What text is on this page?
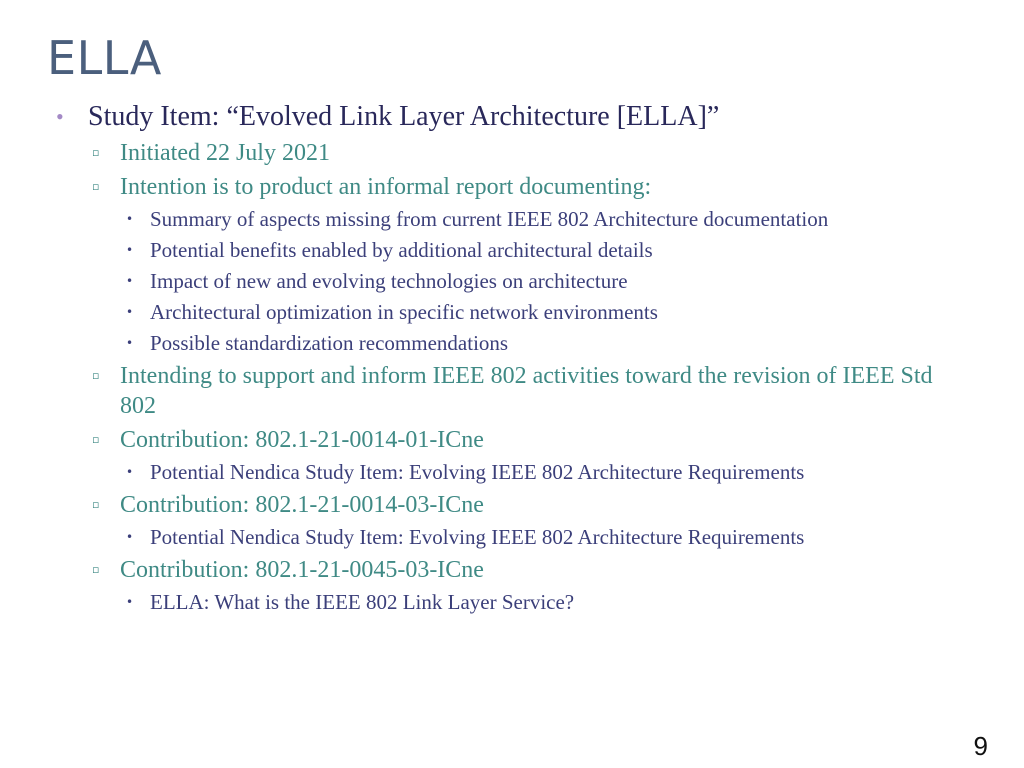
ELLA
• Study Item: “Evolved Link Layer Architecture [ELLA]”
▫ Initiated 22 July 2021
▫ Intention is to product an informal report documenting:
• Summary of aspects missing from current IEEE 802 Architecture documentation
• Potential benefits enabled by additional architectural details
• Impact of new and evolving technologies on architecture
• Architectural optimization in specific network environments
• Possible standardization recommendations
▫ Intending to support and inform IEEE 802 activities toward the revision of IEEE Std 802
▫ Contribution: 802.1-21-0014-01-ICne
• Potential Nendica Study Item: Evolving IEEE 802 Architecture Requirements
▫ Contribution: 802.1-21-0014-03-ICne
• Potential Nendica Study Item: Evolving IEEE 802 Architecture Requirements
▫ Contribution: 802.1-21-0045-03-ICne
• ELLA: What is the IEEE 802 Link Layer Service?
9
